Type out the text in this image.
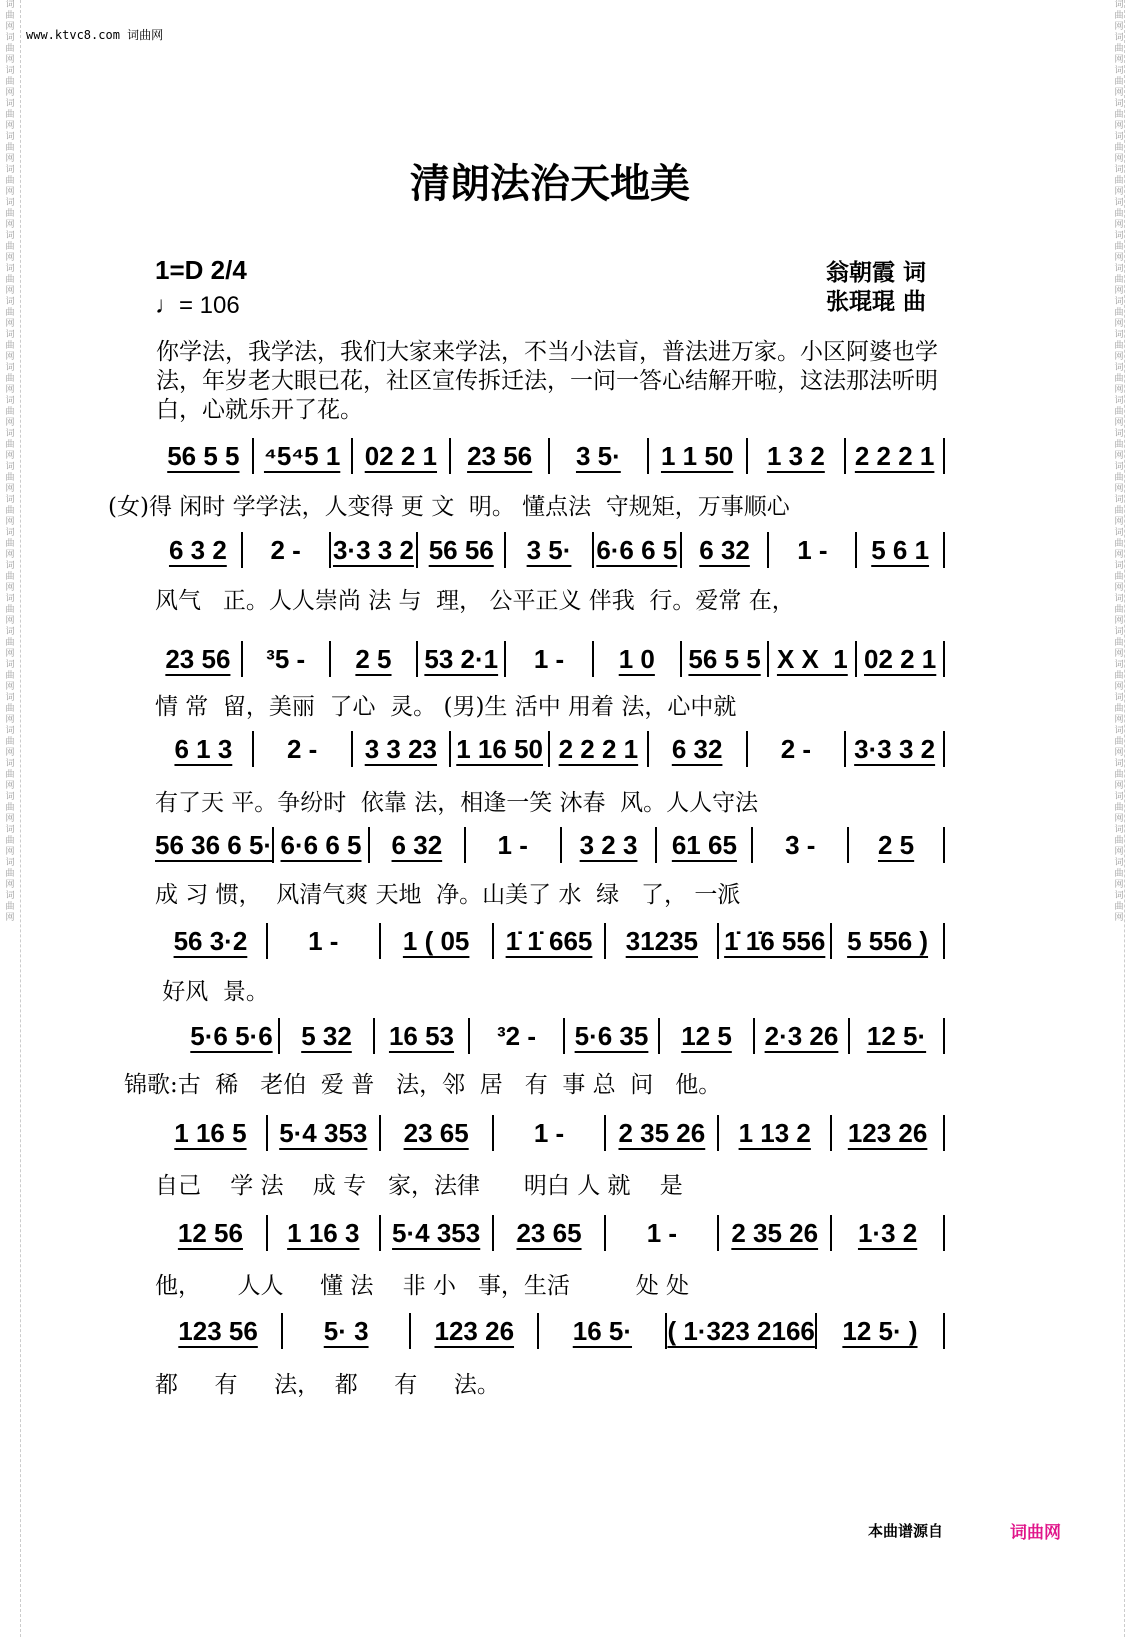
词曲网 词曲网 词曲网 词曲网 词曲网 词曲网 词曲网 词曲网 词曲网 词曲网 词曲网 词曲网 词曲网 词曲网 词曲网 词曲网 词曲网 词曲网 词曲网 词曲网 词曲网 词曲网 词曲网 词曲网 词曲网 词曲网 词曲网 词曲网
词曲网 词曲网 词曲网 词曲网 词曲网 词曲网 词曲网 词曲网 词曲网 词曲网 词曲网 词曲网 词曲网 词曲网 词曲网 词曲网 词曲网 词曲网 词曲网 词曲网 词曲网 词曲网 词曲网 词曲网 词曲网 词曲网 词曲网 词曲网
www.ktvc8.com 词曲网
清朗法治天地美
1=D 2/4
♩= 106
翁朝霞 词
张琨琨 曲
你学法，我学法，我们大家来学法，不当小法盲，普法进万家。小区阿婆也学法，年岁老大眼已花，社区宣传拆迁法，一问一答心结解开啦，这法那法听明白，心就乐开了花。
56 5 5 ⁴5⁴5 1 02 2 1	23 56	3 5·	1 1 50	1 3 2	2 2 2 1
(女)得 闲时 学学法，人变得 更 文  明。 懂点法  守规矩，万事顺心
6 3 2	2 -	3·3 3 2 56 56	3 5· 6·6 6 5 6 32	1 -	5 6 1
风气   正。人人崇尚 法 与  理， 公平正义 伴我  行。爱常 在，
23 56	³5 -	2 5	53 2·1	1 -	1 0	56 5 5 X X  1 02 2 1
情 常  留，美丽  了心  灵。 (男)生 活中 用着 法，心中就
6 1 3	2 -	3 3 23 1 16 50 2 2 2 1	6 32	2 -	3·3 3 2
有了天 平。争纷时  依靠 法，相逢一笑 沐春  风。人人守法
56 36 6 5· 6·6 6 5	6 32	1 -	3 2 3	61 65	3 -	2 5
成 习 惯，  风清气爽 天地  净。山美了 水  绿   了， 一派
56 3·2	1 -	1 ( 05	1̇ 1̇ 665	31235	1̇ 1̇6 556 5 556 )
好风  景。
5·6 5·6	5 32	16 53	³2 -	5·6 35	12 5	2·3 26	12 5·
锦歌:古  稀   老伯  爱 普   法，邻  居   有  事 总  问   他。
1 16 5	5·4 353	23 65	1 -	2 35 26	1 13 2	123 26
自己    学 法    成 专   家，法律      明白 人 就    是
12 56	1 16 3	5·4 353	23 65	1 -	2 35 26	1·3 2
他，     人人     懂 法    非 小   事，生活         处 处
123 56	5· 3	123 26	16 5·	( 1·323 2166	12 5· )
都     有     法，  都     有     法。
本曲谱源自	词曲网
